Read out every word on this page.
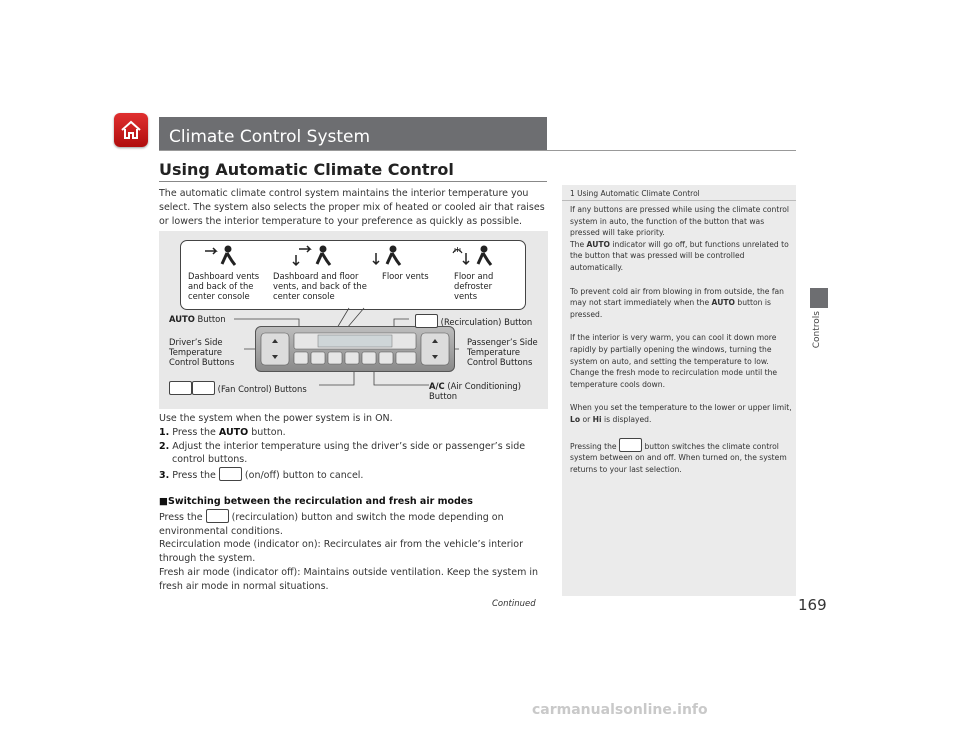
Climate Control System
Using Automatic Climate Control
The automatic climate control system maintains the interior temperature you select. The system also selects the proper mix of heated or cooled air that raises or lowers the interior temperature to your preference as quickly as possible.
Dashboard vents and back of the center console
Dashboard and floor vents, and back of the center console
Floor vents	Floor and defroster vents
AUTO Button	(Recirculation) Button
Driver’s Side Temperature Control Buttons
Passenger’s Side Temperature Control Buttons
(Fan Control) Buttons	A/C (Air Conditioning) Button
Use the system when the power system is in ON.
1. Press the AUTO button.
2. Adjust the interior temperature using the driver’s side or passenger’s side control buttons.
3. Press the  (on/off) button to cancel.
■Switching between the recirculation and fresh air modes
Press the  (recirculation) button and switch the mode depending on environmental conditions.
Recirculation mode (indicator on): Recirculates air from the vehicle’s interior through the system.
Fresh air mode (indicator off): Maintains outside ventilation. Keep the system in fresh air mode in normal situations.
1 Using Automatic Climate Control
If any buttons are pressed while using the climate control system in auto, the function of the button that was pressed will take priority.
The AUTO indicator will go off, but functions unrelated to the button that was pressed will be controlled automatically.
To prevent cold air from blowing in from outside, the fan may not start immediately when the AUTO button is pressed.
If the interior is very warm, you can cool it down more rapidly by partially opening the windows, turning the system on auto, and setting the temperature to low. Change the fresh mode to recirculation mode until the temperature cools down.
When you set the temperature to the lower or upper limit, Lo or Hi is displayed.
Pressing the	button switches the climate control system between on and off. When turned on, the system returns to your last selection.
Controls
Continued	169
carmanualsonline.info
